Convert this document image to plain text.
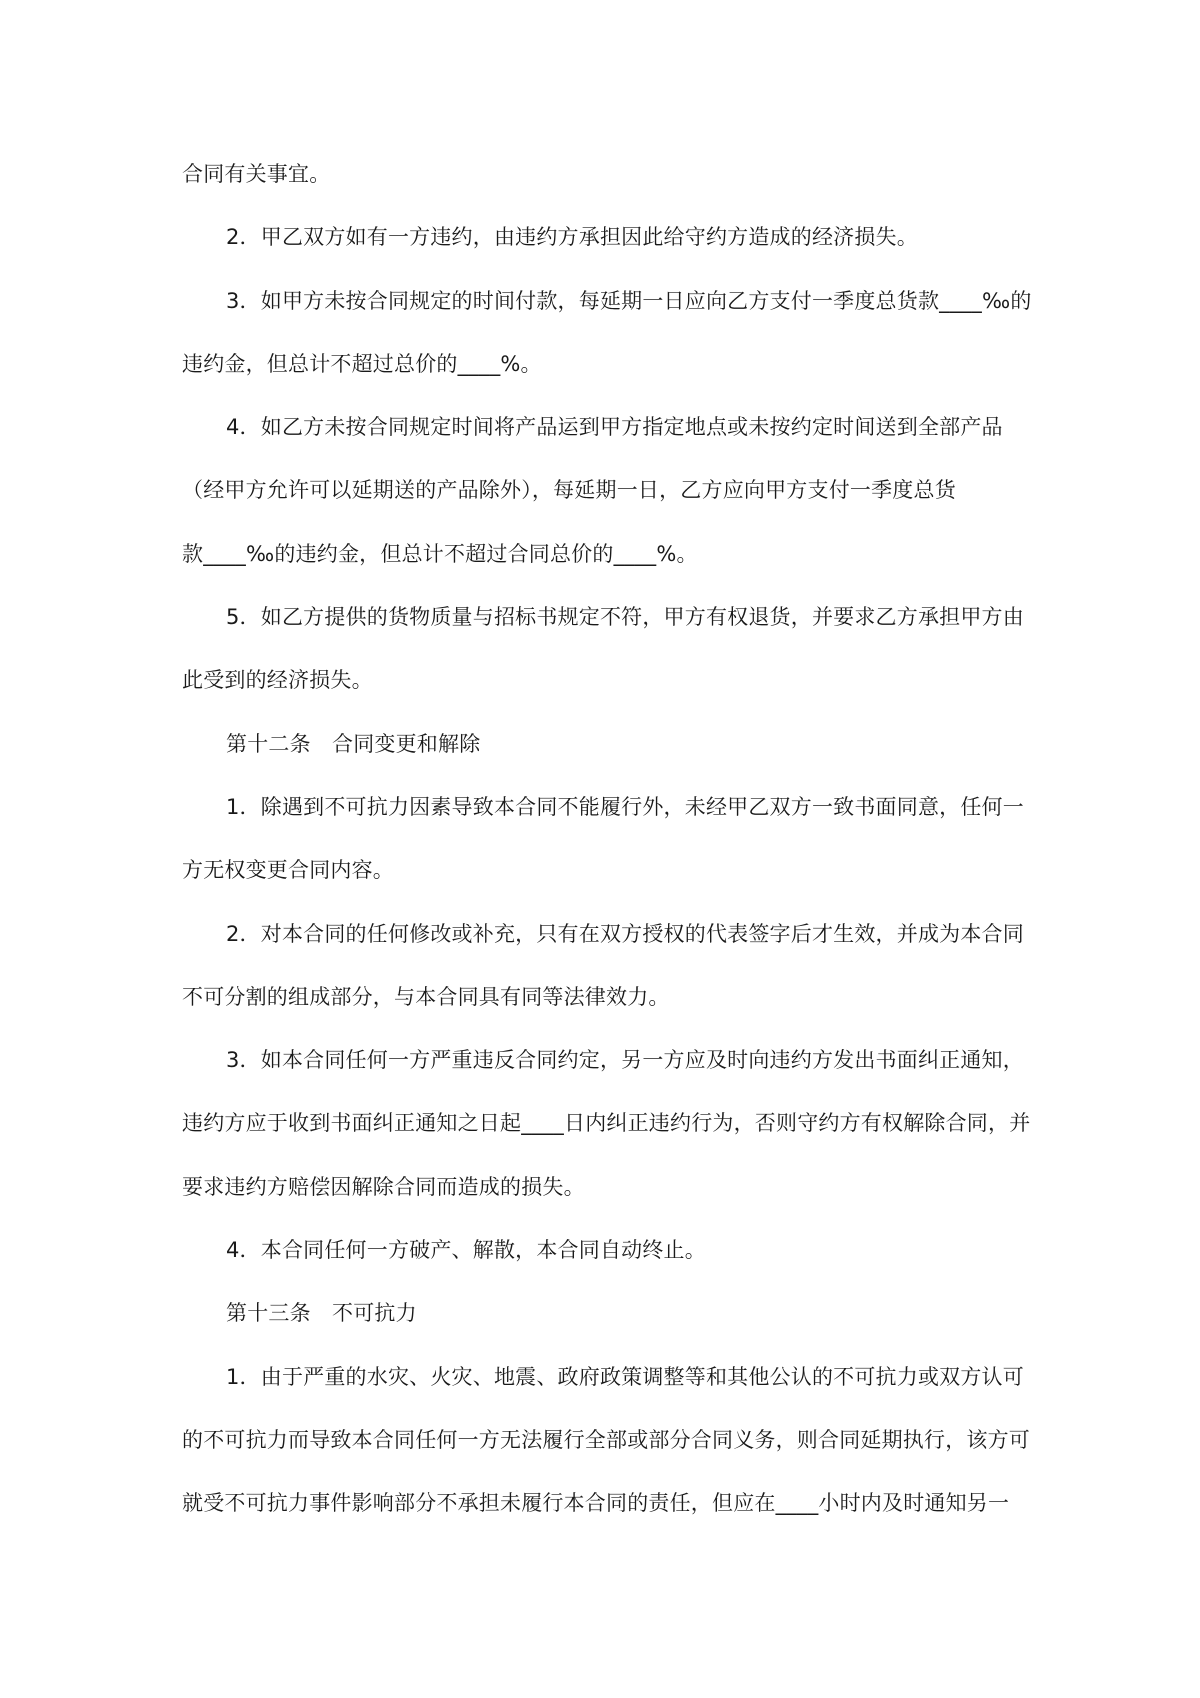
合同有关事宜。
2．甲乙双方如有一方违约，由违约方承担因此给守约方造成的经济损失。
3．如甲方未按合同规定的时间付款，每延期一日应向乙方支付一季度总货款____‰的
违约金，但总计不超过总价的____%。
4．如乙方未按合同规定时间将产品运到甲方指定地点或未按约定时间送到全部产品
（经甲方允许可以延期送的产品除外），每延期一日，乙方应向甲方支付一季度总货
款____‰的违约金，但总计不超过合同总价的____%。
5．如乙方提供的货物质量与招标书规定不符，甲方有权退货，并要求乙方承担甲方由
此受到的经济损失。
第十二条　合同变更和解除
1．除遇到不可抗力因素导致本合同不能履行外，未经甲乙双方一致书面同意，任何一
方无权变更合同内容。
2．对本合同的任何修改或补充，只有在双方授权的代表签字后才生效，并成为本合同
不可分割的组成部分，与本合同具有同等法律效力。
3．如本合同任何一方严重违反合同约定，另一方应及时向违约方发出书面纠正通知，
违约方应于收到书面纠正通知之日起____日内纠正违约行为，否则守约方有权解除合同，并
要求违约方赔偿因解除合同而造成的损失。
4．本合同任何一方破产、解散，本合同自动终止。
第十三条　不可抗力
1．由于严重的水灾、火灾、地震、政府政策调整等和其他公认的不可抗力或双方认可
的不可抗力而导致本合同任何一方无法履行全部或部分合同义务，则合同延期执行，该方可
就受不可抗力事件影响部分不承担未履行本合同的责任，但应在____小时内及时通知另一
